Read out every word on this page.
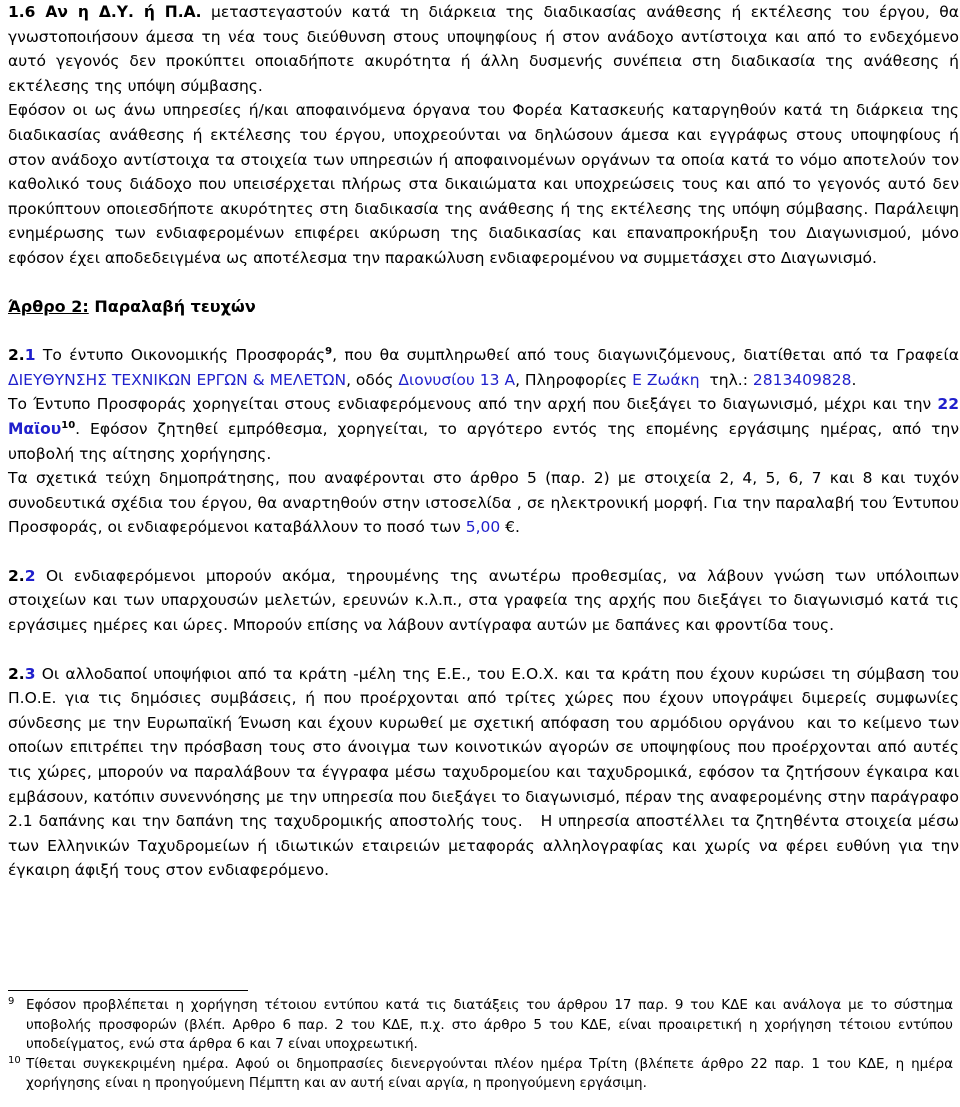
1.6 Αν η Δ.Υ. ή Π.Α. μεταστεγαστούν κατά τη διάρκεια της διαδικασίας ανάθεσης ή εκτέλεσης του έργου, θα γνωστοποιήσουν άμεσα τη νέα τους διεύθυνση στους υποψηφίους ή στον ανάδοχο αντίστοιχα και από το ενδεχόμενο αυτό γεγονός δεν προκύπτει οποιαδήποτε ακυρότητα ή άλλη δυσμενής συνέπεια στη διαδικασία της ανάθεσης ή εκτέλεσης της υπόψη σύμβασης.

Εφόσον οι ως άνω υπηρεσίες ή/και αποφαινόμενα όργανα του Φορέα Κατασκευής καταργηθούν κατά τη διάρκεια της διαδικασίας ανάθεσης ή εκτέλεσης του έργου, υποχρεούνται να δηλώσουν άμεσα και εγγράφως στους υποψηφίους ή στον ανάδοχο αντίστοιχα τα στοιχεία των υπηρεσιών ή αποφαινομένων οργάνων τα οποία κατά το νόμο αποτελούν τον καθολικό τους διάδοχο που υπεισέρχεται πλήρως στα δικαιώματα και υποχρεώσεις τους και από το γεγονός αυτό δεν προκύπτουν οποιεσδήποτε ακυρότητες στη διαδικασία της ανάθεσης ή της εκτέλεσης της υπόψη σύμβασης. Παράλειψη ενημέρωσης των ενδιαφερομένων επιφέρει ακύρωση της διαδικασίας και επαναπροκήρυξη του Διαγωνισμού, μόνο εφόσον έχει αποδεδειγμένα ως αποτέλεσμα την παρακώλυση ενδιαφερομένου να συμμετάσχει στο Διαγωνισμό.

Άρθρο 2: Παραλαβή τευχών

2.1 Το έντυπο Οικονομικής Προσφοράς$^9$, που θα συμπληρωθεί από τους διαγωνιζόμενους, διατίθεται από τα Γραφεία ΔΙΕΥΘΥΝΣΗΣ ΤΕΧΝΙΚΩΝ ΕΡΓΩΝ & ΜΕΛΕΤΩΝ, οδός Διονυσίου 13 Α, Πληροφορίες Ε Ζωάκη  τηλ.: 2813409828.

Το Έντυπο Προσφοράς χορηγείται στους ενδιαφερόμενους από την αρχή που διεξάγει το διαγωνισμό, μέχρι και την 22 Μαϊου$^{10}$. Εφόσον ζητηθεί εμπρόθεσμα, χορηγείται, το αργότερο εντός της επομένης εργάσιμης ημέρας, από την υποβολή της αίτησης χορήγησης.

Τα σχετικά τεύχη δημοπράτησης, που αναφέρονται στο άρθρο 5 (παρ. 2) με στοιχεία 2, 4, 5, 6, 7 και 8 και τυχόν συνοδευτικά σχέδια του έργου, θα αναρτηθούν στην ιστοσελίδα , σε ηλεκτρονική μορφή. Για την παραλαβή του Έντυπου Προσφοράς, οι ενδιαφερόμενοι καταβάλλουν το ποσό των 5,00 €.

2.2 Οι ενδιαφερόμενοι μπορούν ακόμα, τηρουμένης της ανωτέρω προθεσμίας, να λάβουν γνώση των υπόλοιπων στοιχείων και των υπαρχουσών μελετών, ερευνών κ.λ.π., στα γραφεία της αρχής που διεξάγει το διαγωνισμό κατά τις εργάσιμες ημέρες και ώρες. Μπορούν επίσης να λάβουν αντίγραφα αυτών με δαπάνες και φροντίδα τους.

2.3 Οι αλλοδαποί υποψήφιοι από τα κράτη -μέλη της Ε.Ε., του Ε.Ο.Χ. και τα κράτη που έχουν κυρώσει τη σύμβαση του Π.Ο.Ε. για τις δημόσιες συμβάσεις, ή που προέρχονται από τρίτες χώρες που έχουν υπογράψει διμερείς συμφωνίες σύνδεσης με την Ευρωπαϊκή Ένωση και έχουν κυρωθεί με σχετική απόφαση του αρμόδιου οργάνου  και το κείμενο των οποίων επιτρέπει την πρόσβαση τους στο άνοιγμα των κοινοτικών αγορών σε υποψηφίους που προέρχονται από αυτές τις χώρες, μπορούν να παραλάβουν τα έγγραφα μέσω ταχυδρομείου και ταχυδρομικά, εφόσον τα ζητήσουν έγκαιρα και εμβάσουν, κατόπιν συνεννόησης με την υπηρεσία που διεξάγει το διαγωνισμό, πέραν της αναφερομένης στην παράγραφο 2.1 δαπάνης και την δαπάνη της ταχυδρομικής αποστολής τους.   Η υπηρεσία αποστέλλει τα ζητηθέντα στοιχεία μέσω των Ελληνικών Ταχυδρομείων ή ιδιωτικών εταιρειών μεταφοράς αλληλογραφίας και χωρίς να φέρει ευθύνη για την έγκαιρη άφιξή τους στον ενδιαφερόμενο.

9 Εφόσον προβλέπεται η χορήγηση τέτοιου εντύπου κατά τις διατάξεις του άρθρου 17 παρ. 9 του ΚΔΕ και ανάλογα με το σύστημα υποβολής προσφορών (βλέπ. Αρθρο 6 παρ. 2 του ΚΔΕ, π.χ. στο άρθρο 5 του ΚΔΕ, είναι προαιρετική η χορήγηση τέτοιου εντύπου υποδείγματος, ενώ στα άρθρα 6 και 7 είναι υποχρεωτική.
10 Τίθεται συγκεκριμένη ημέρα. Αφού οι δημοπρασίες διενεργούνται πλέον ημέρα Τρίτη (βλέπετε άρθρο 22 παρ. 1 του ΚΔΕ, η ημέρα χορήγησης είναι η προηγούμενη Πέμπτη και αν αυτή είναι αργία, η προηγούμενη εργάσιμη.
